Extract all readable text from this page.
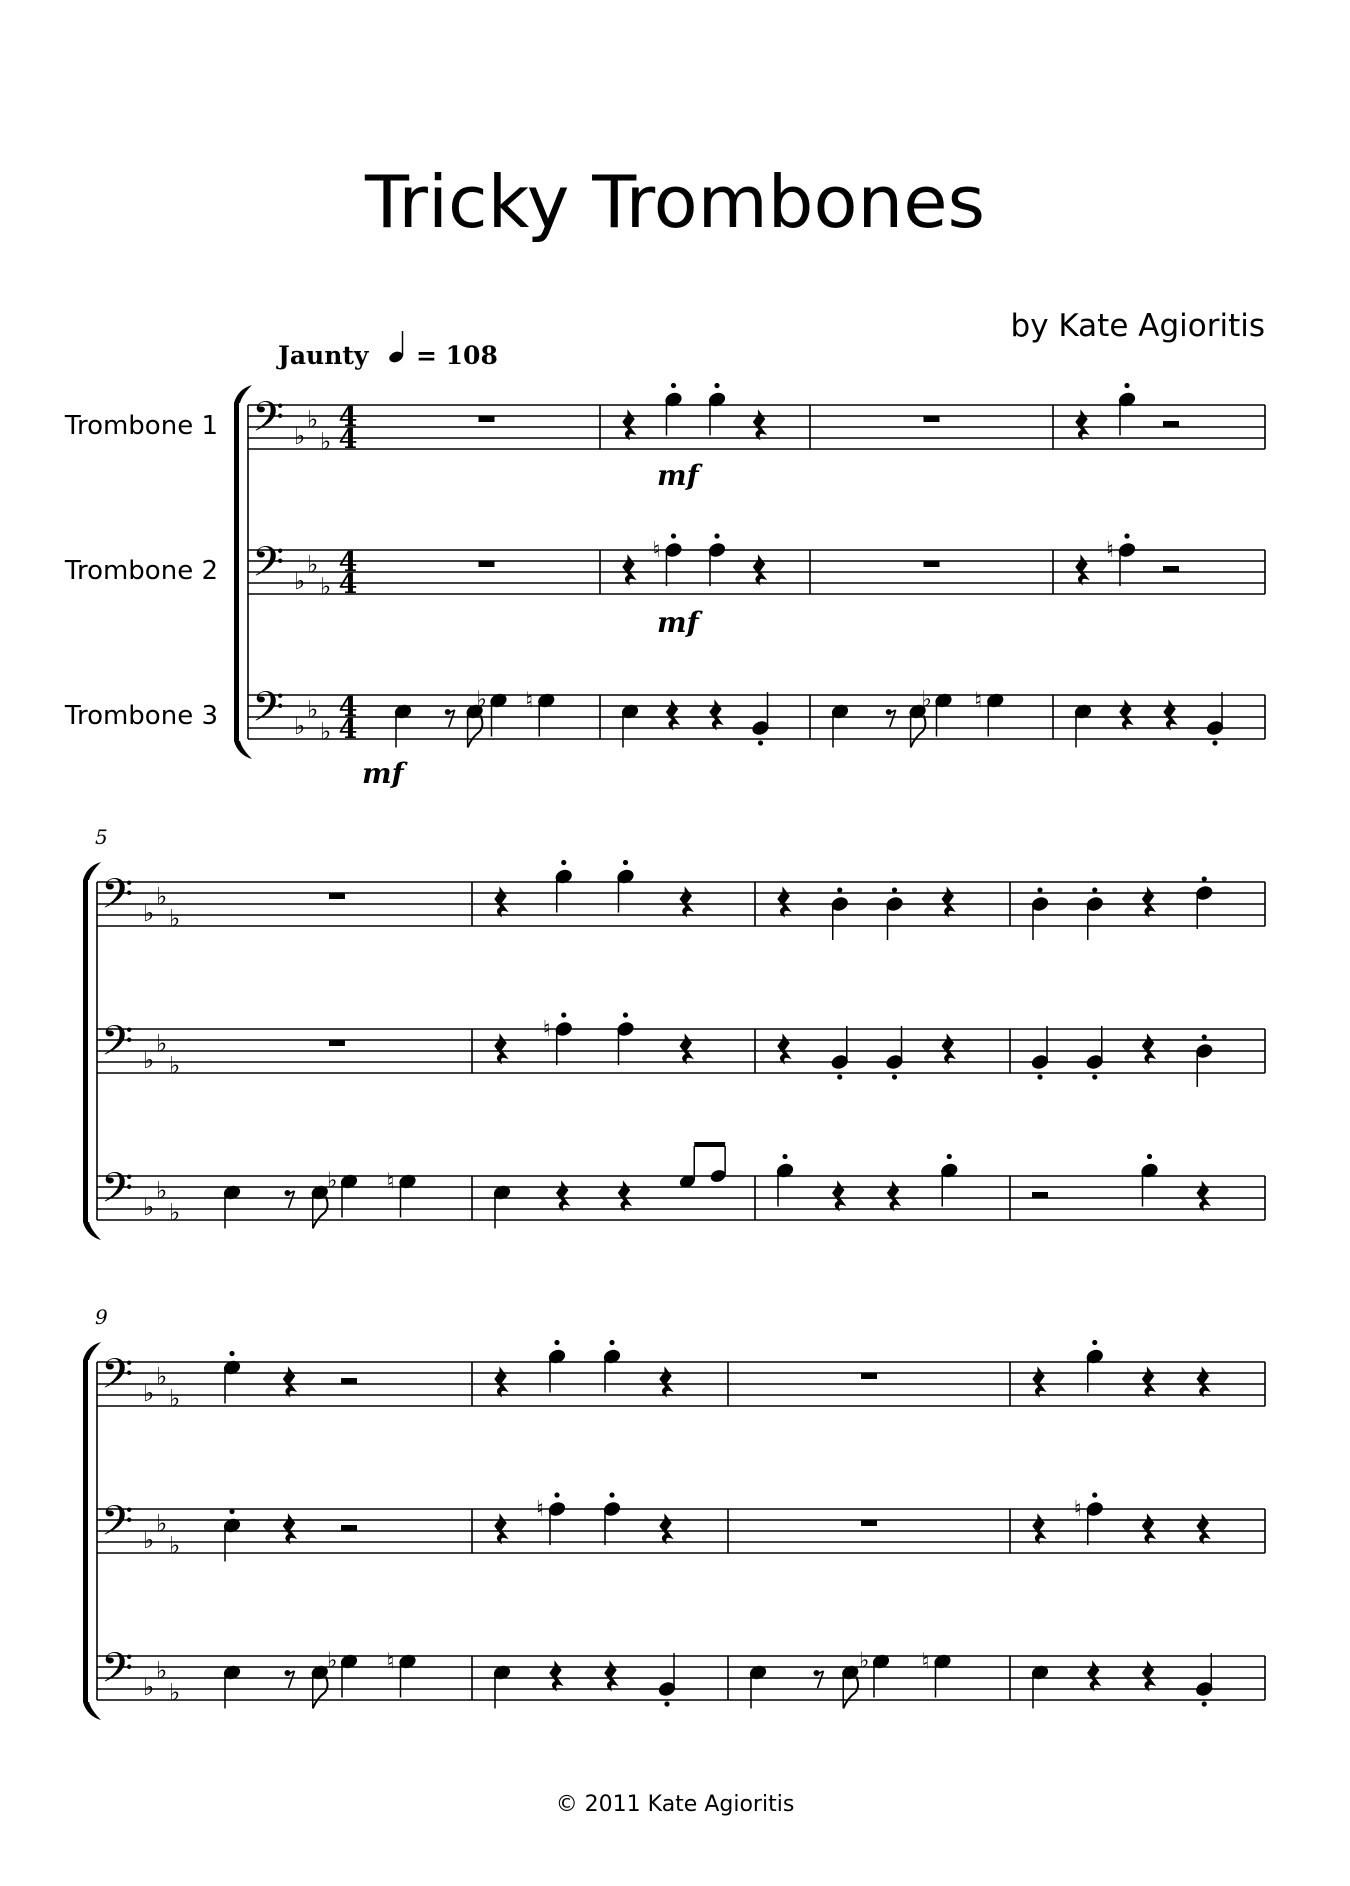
Tricky Trombones
by Kate Agioritis
© 2011 Kate Agioritis
𝄢 ♭
♭
♭
4
4
Trombone 1
𝄢 ♭
♭
♭
4
4
Trombone 2
𝄢 ♭
♭
♭
4
4
Trombone 3
♭ ♮
♮
♭ ♮
♮
mf
mf
mf
Jaunty = 108
5
𝄢 ♭
♭
♭
𝄢 ♭
♭
♭
𝄢 ♭
♭
♭
♭ ♮
♮
9
𝄢 ♭
♭
♭
𝄢 ♭
♭
♭
𝄢 ♭
♭
♭
♭ ♮
♮
♭ ♮
♮
